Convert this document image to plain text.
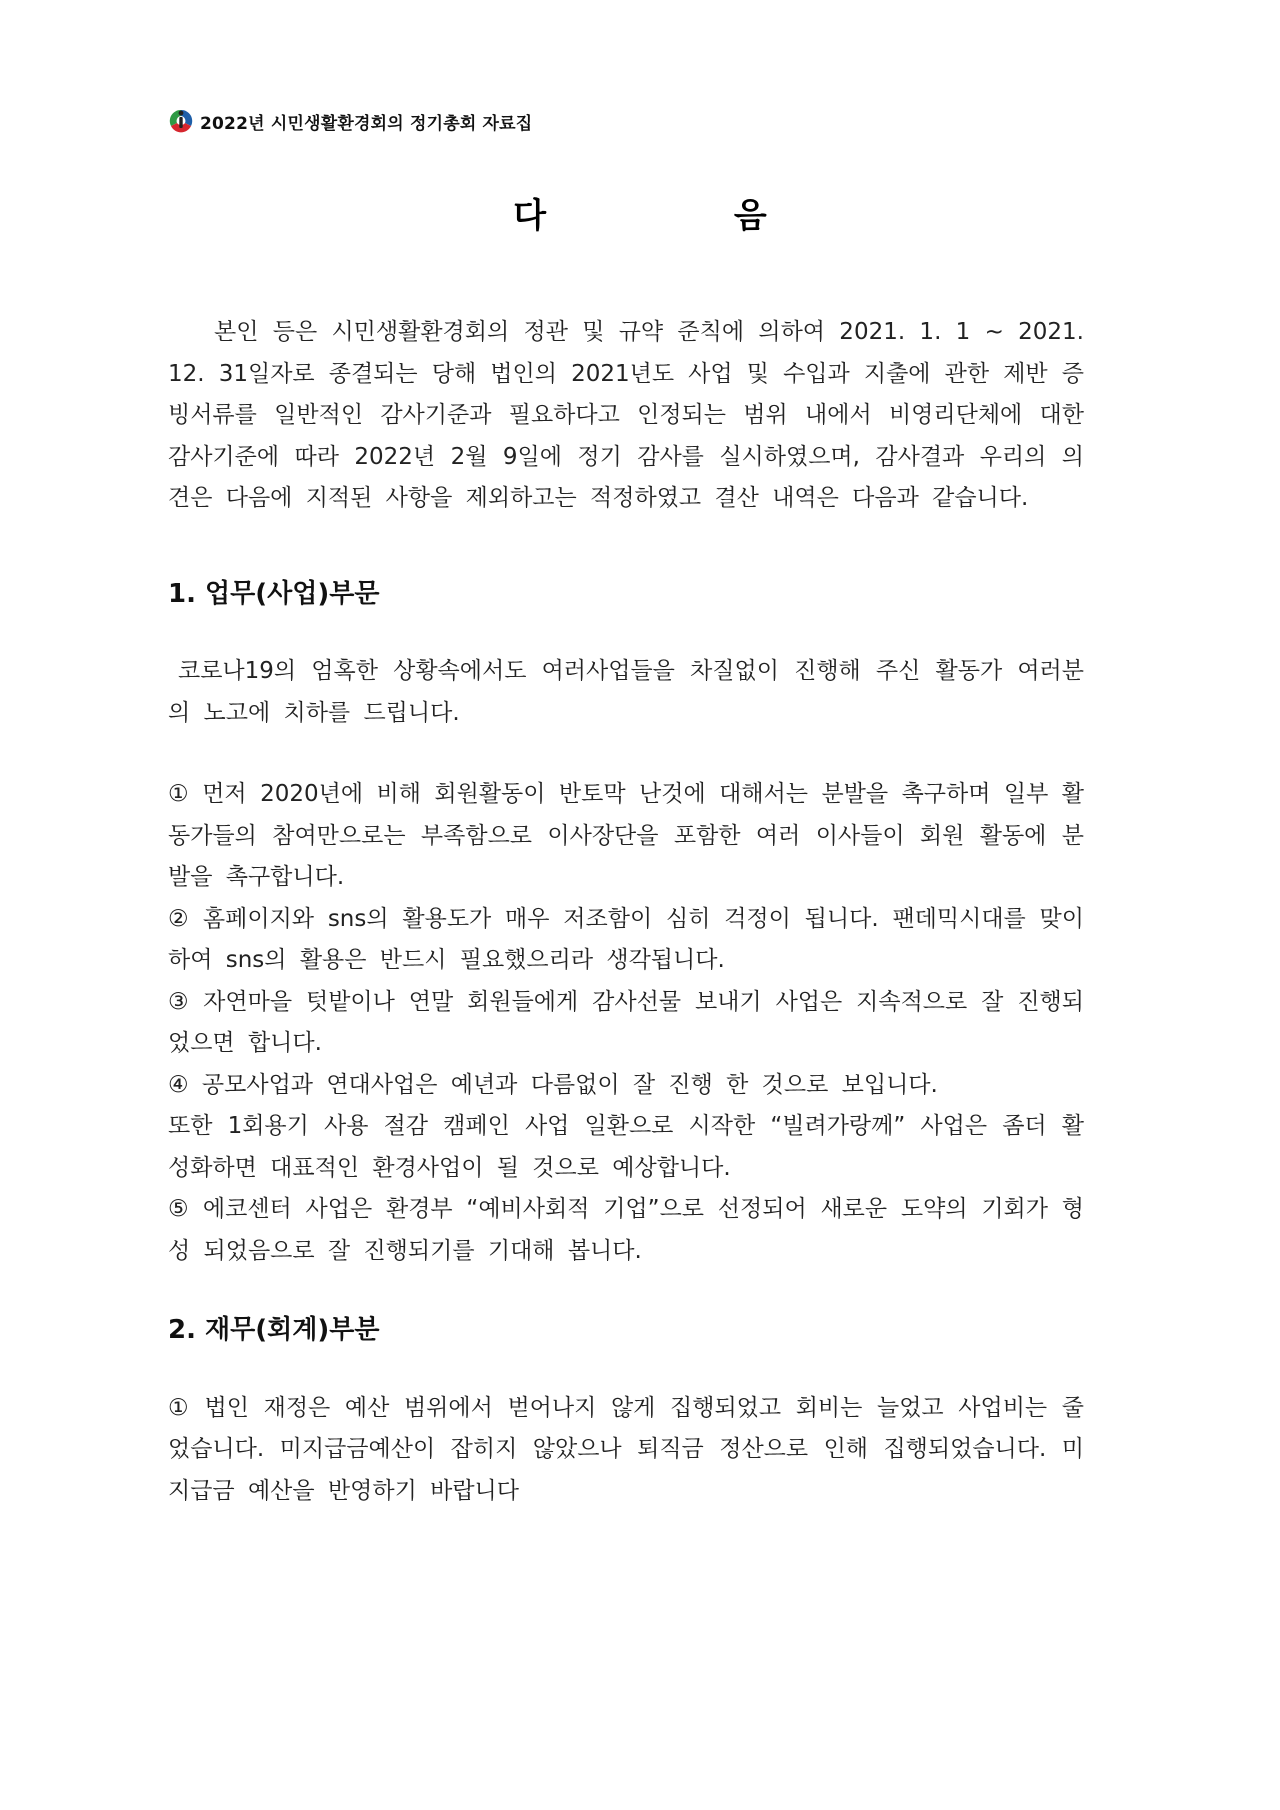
2022년 시민생활환경회의 정기총회 자료집
다 음

본인 등은 시민생활환경회의 정관 및 규약 준칙에 의하여 2021. 1. 1 ~ 2021. 12. 31일자로 종결되는 당해 법인의 2021년도 사업 및 수입과 지출에 관한 제반 증빙서류를 일반적인 감사기준과 필요하다고 인정되는 범위 내에서 비영리단체에 대한 감사기준에 따라 2022년 2월 9일에 정기 감사를 실시하였으며, 감사결과 우리의 의견은 다음에 지적된 사항을 제외하고는 적정하였고 결산 내역은 다음과 같습니다.

1. 업무(사업)부문

코로나19의 엄혹한 상황속에서도 여러사업들을 차질없이 진행해 주신 활동가 여러분의 노고에 치하를 드립니다.

① 먼저 2020년에 비해 회원활동이 반토막 난것에 대해서는 분발을 촉구하며 일부 활동가들의 참여만으로는 부족함으로 이사장단을 포함한 여러 이사들이 회원 활동에 분발을 촉구합니다.

② 홈페이지와 sns의 활용도가 매우 저조함이 심히 걱정이 됩니다. 팬데믹시대를 맞이하여 sns의 활용은 반드시 필요했으리라 생각됩니다.

③ 자연마을 텃밭이나 연말 회원들에게 감사선물 보내기 사업은 지속적으로 잘 진행되었으면 합니다.

④ 공모사업과 연대사업은 예년과 다름없이 잘 진행 한 것으로 보입니다.

또한 1회용기 사용 절감 캠페인 사업 일환으로 시작한 “빌려가랑께” 사업은 좀더 활성화하면 대표적인 환경사업이 될 것으로 예상합니다.

⑤ 에코센터 사업은 환경부 “예비사회적 기업”으로 선정되어 새로운 도약의 기회가 형성 되었음으로 잘 진행되기를 기대해 봅니다.

2. 재무(회계)부분

① 법인 재정은 예산 범위에서 벋어나지 않게 집행되었고 회비는 늘었고 사업비는 줄었습니다. 미지급금예산이 잡히지 않았으나 퇴직금 정산으로 인해 집행되었습니다. 미지급금 예산을 반영하기 바랍니다
